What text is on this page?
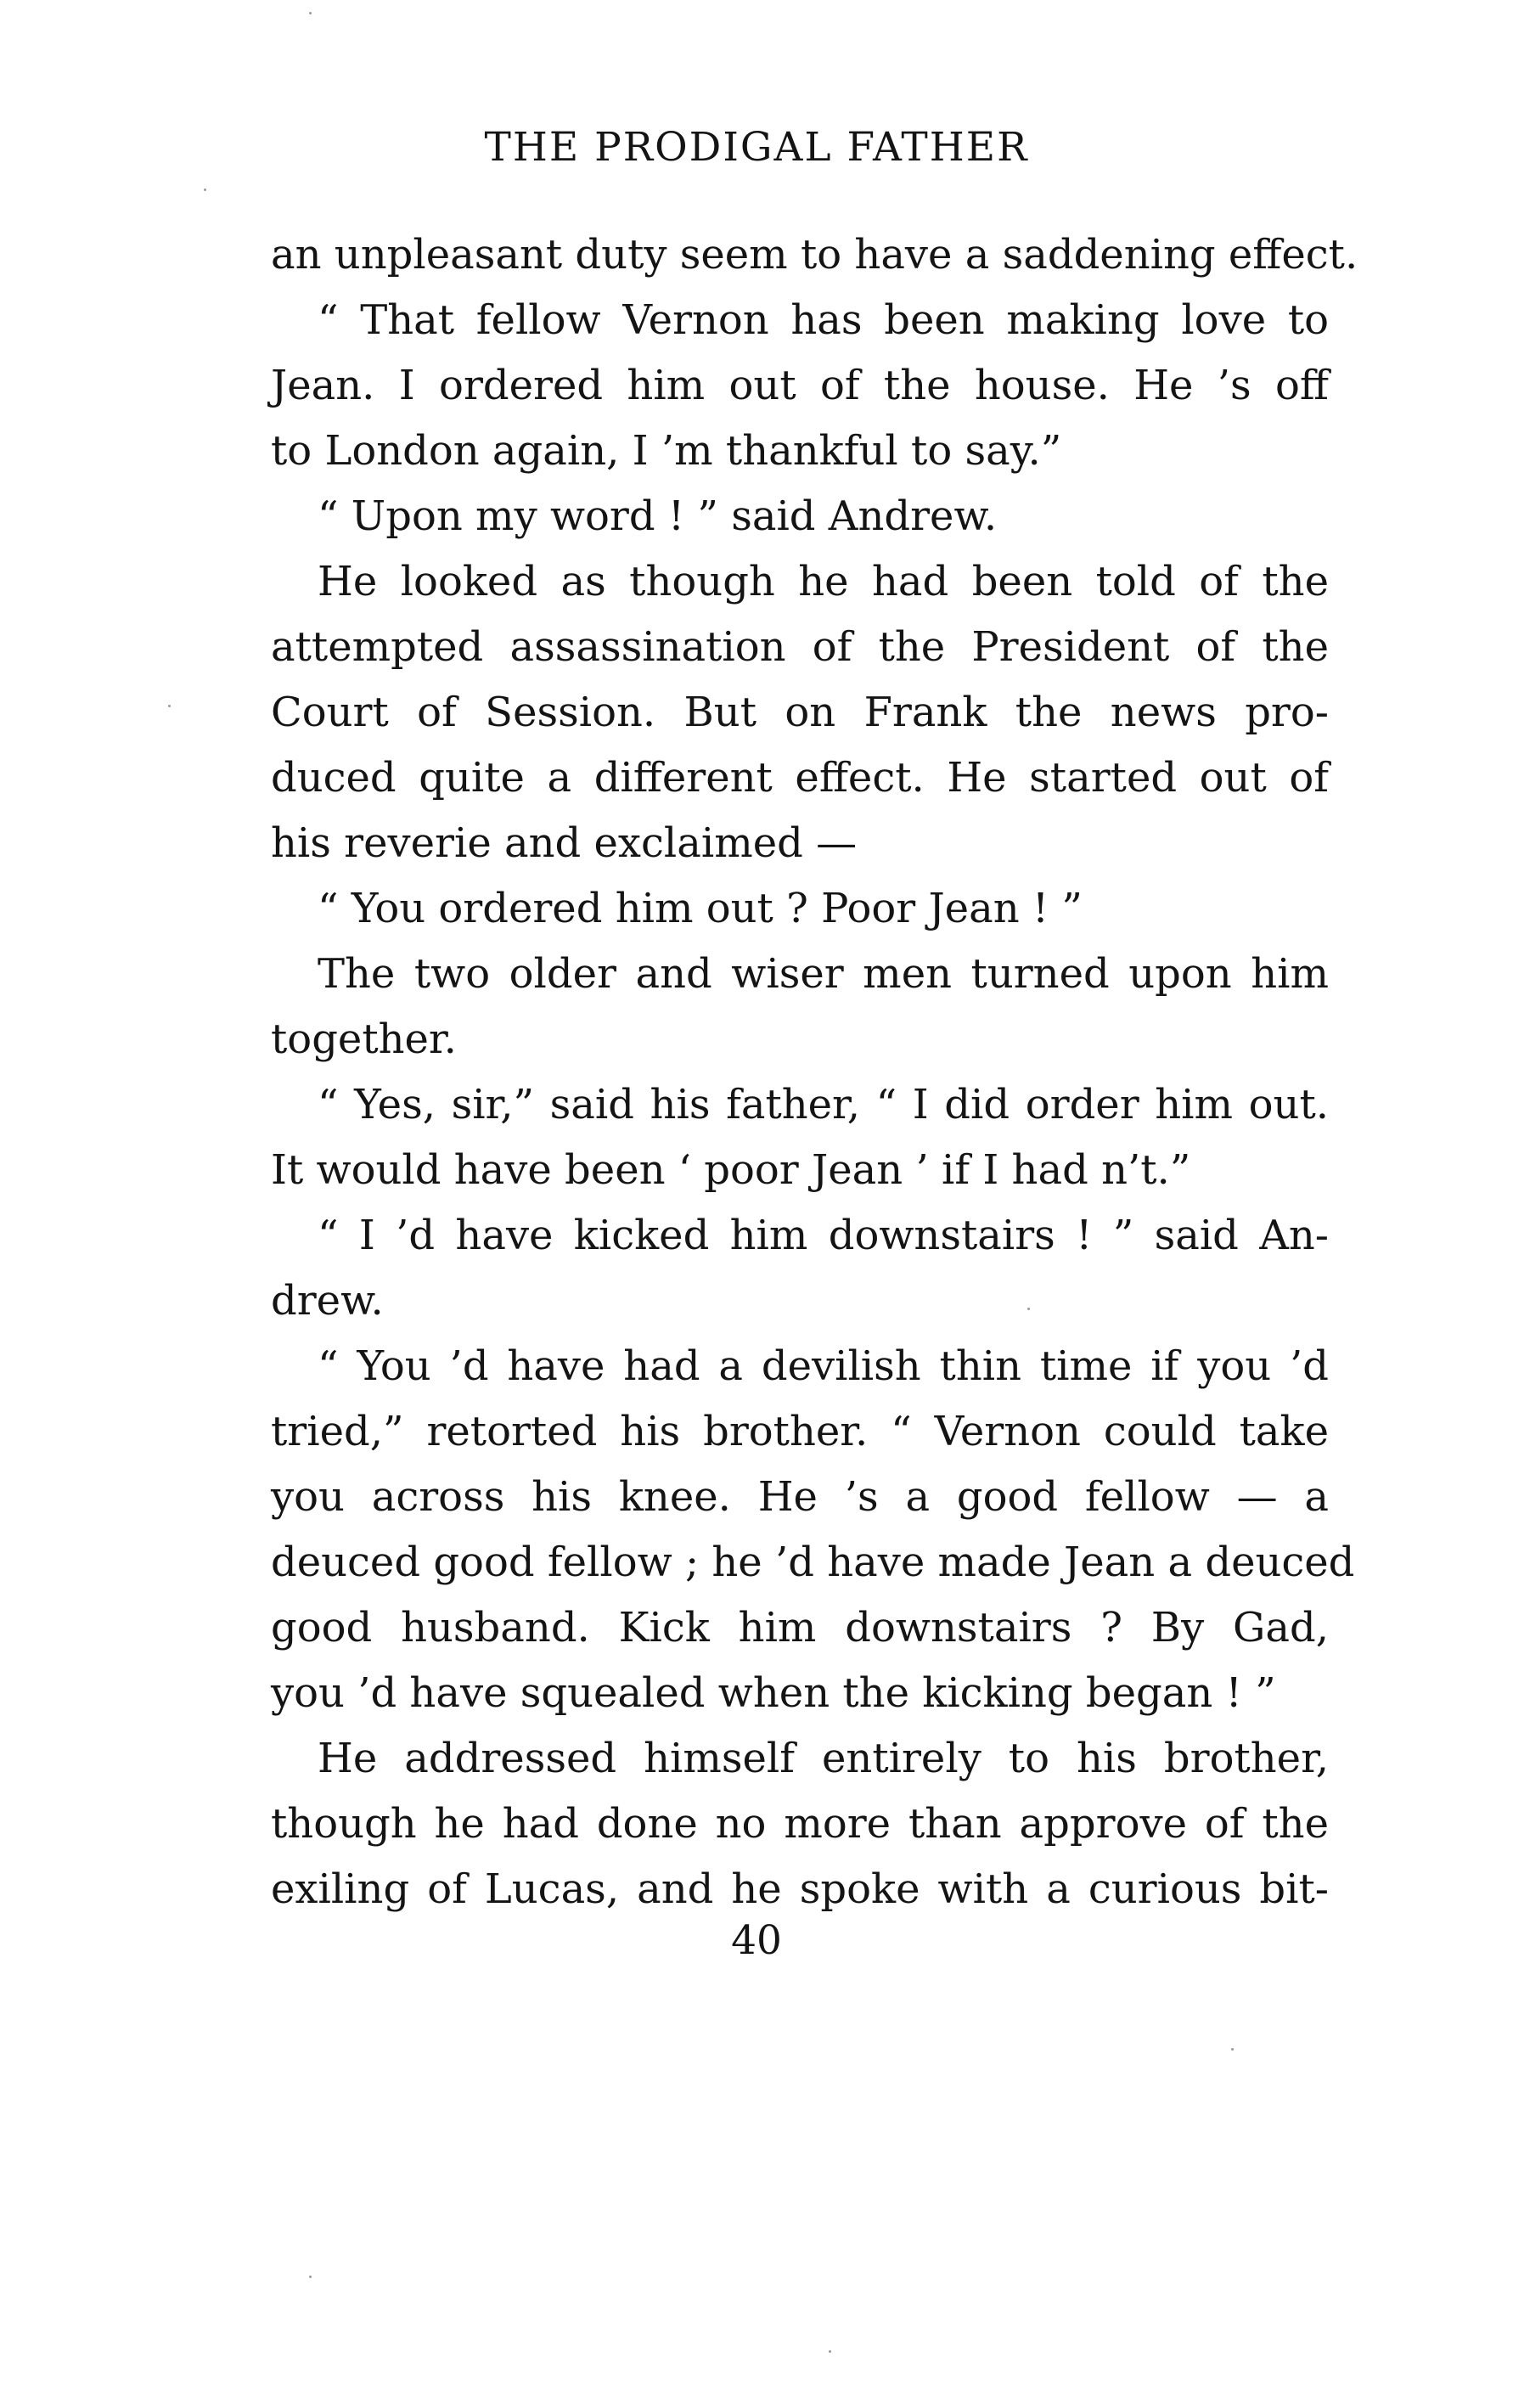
THE PRODIGAL FATHER
an unpleasant duty seem to have a saddening effect.
“ That fellow Vernon has been making love to
Jean. I ordered him out of the house. He ’s off
to London again, I ’m thankful to say.”
“ Upon my word ! ” said Andrew.
He looked as though he had been told of the
attempted assassination of the President of the
Court of Session. But on Frank the news pro-
duced quite a different effect. He started out of
his reverie and exclaimed —
“ You ordered him out ? Poor Jean ! ”
The two older and wiser men turned upon him
together.
“ Yes, sir,” said his father, “ I did order him out.
It would have been ‘ poor Jean ’ if I had n’t.”
“ I ’d have kicked him downstairs ! ” said An-
drew.
“ You ’d have had a devilish thin time if you ’d
tried,” retorted his brother. “ Vernon could take
you across his knee. He ’s a good fellow — a
deuced good fellow ; he ’d have made Jean a deuced
good husband. Kick him downstairs ? By Gad,
you ’d have squealed when the kicking began ! ”
He addressed himself entirely to his brother,
though he had done no more than approve of the
exiling of Lucas, and he spoke with a curious bit-
40
